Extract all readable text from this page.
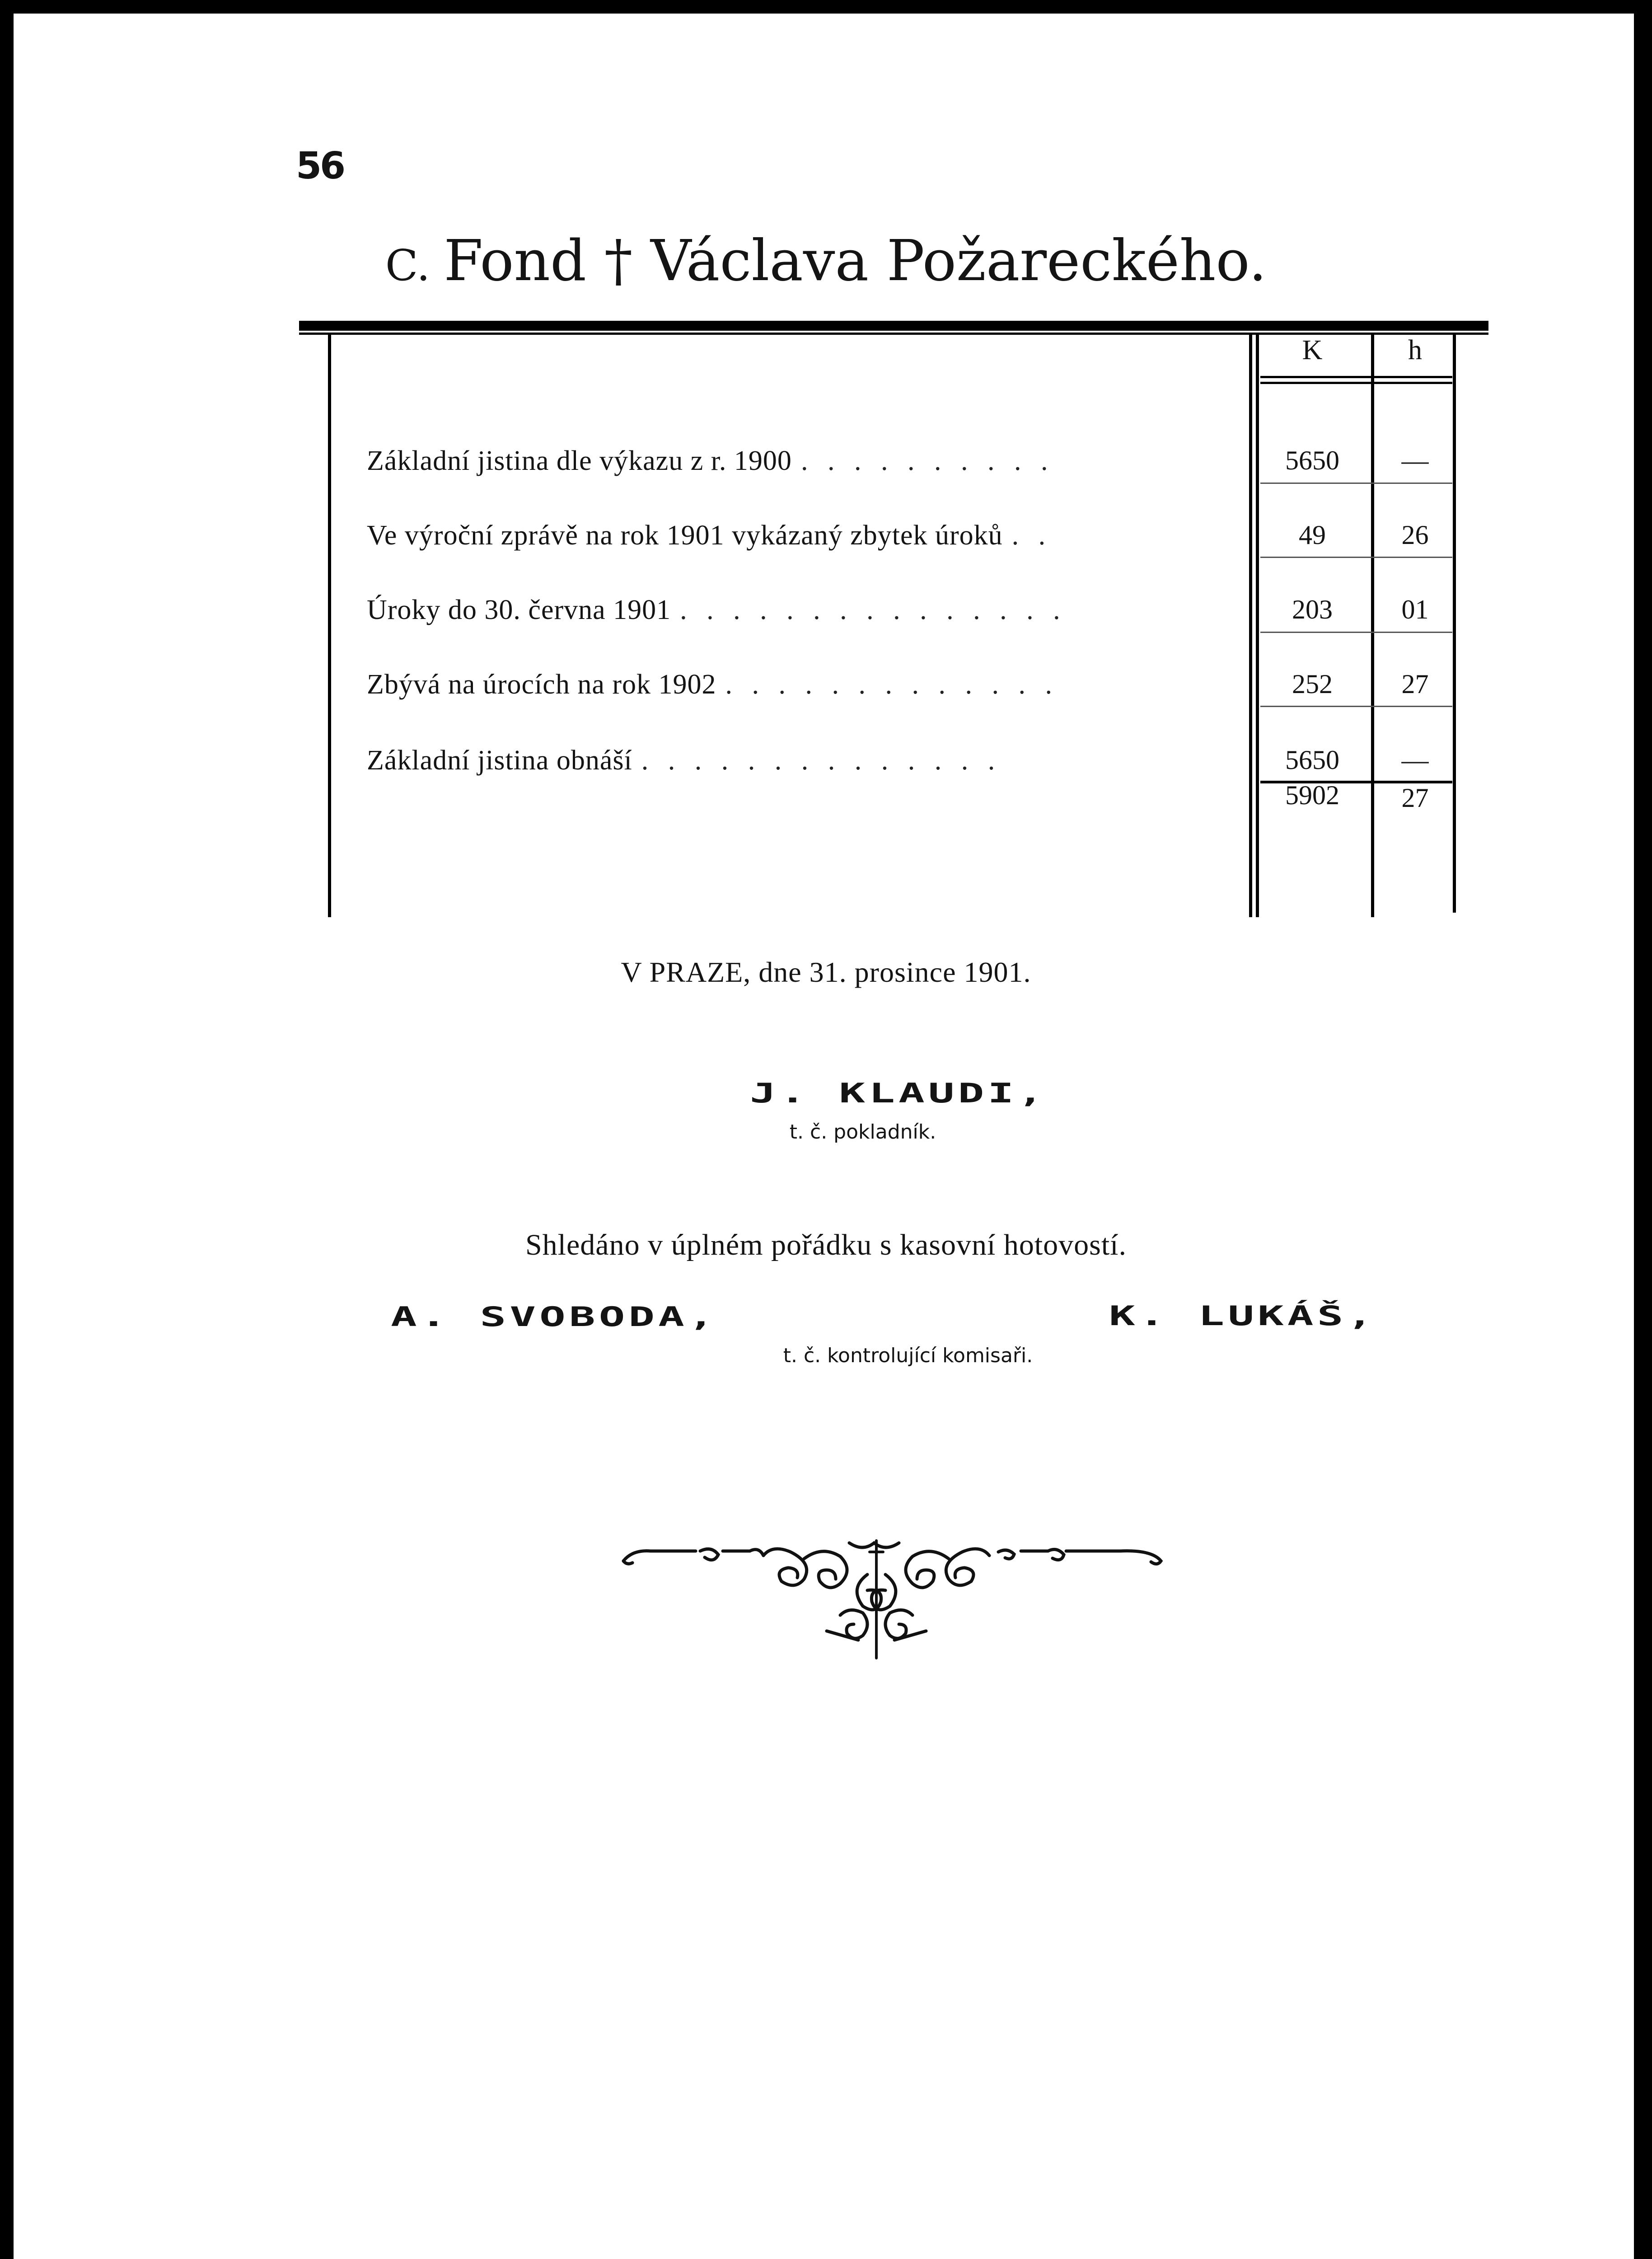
56
C. Fond † Václava Požareckého.
K	h
Základní jistina dle výkazu z r. 1900 . . . . . . . . . .	5650	—
Ve výroční zprávě na rok 1901 vykázaný zbytek úroků . .	49	26
Úroky do 30. června 1901 . . . . . . . . . . . . . . .	203	01
Zbývá na úrocích na rok 1902 . . . . . . . . . . . . .	252	27
Základní jistina obnáší . . . . . . . . . . . . . .	5650	—
5902	27
V PRAZE, dne 31. prosince 1901.
J. KLAUDI,
t. č. pokladník.
Shledáno v úplném pořádku s kasovní hotovostí.
A. SVOBODA,	K. LUKÁŠ,
t. č. kontrolující komisaři.
